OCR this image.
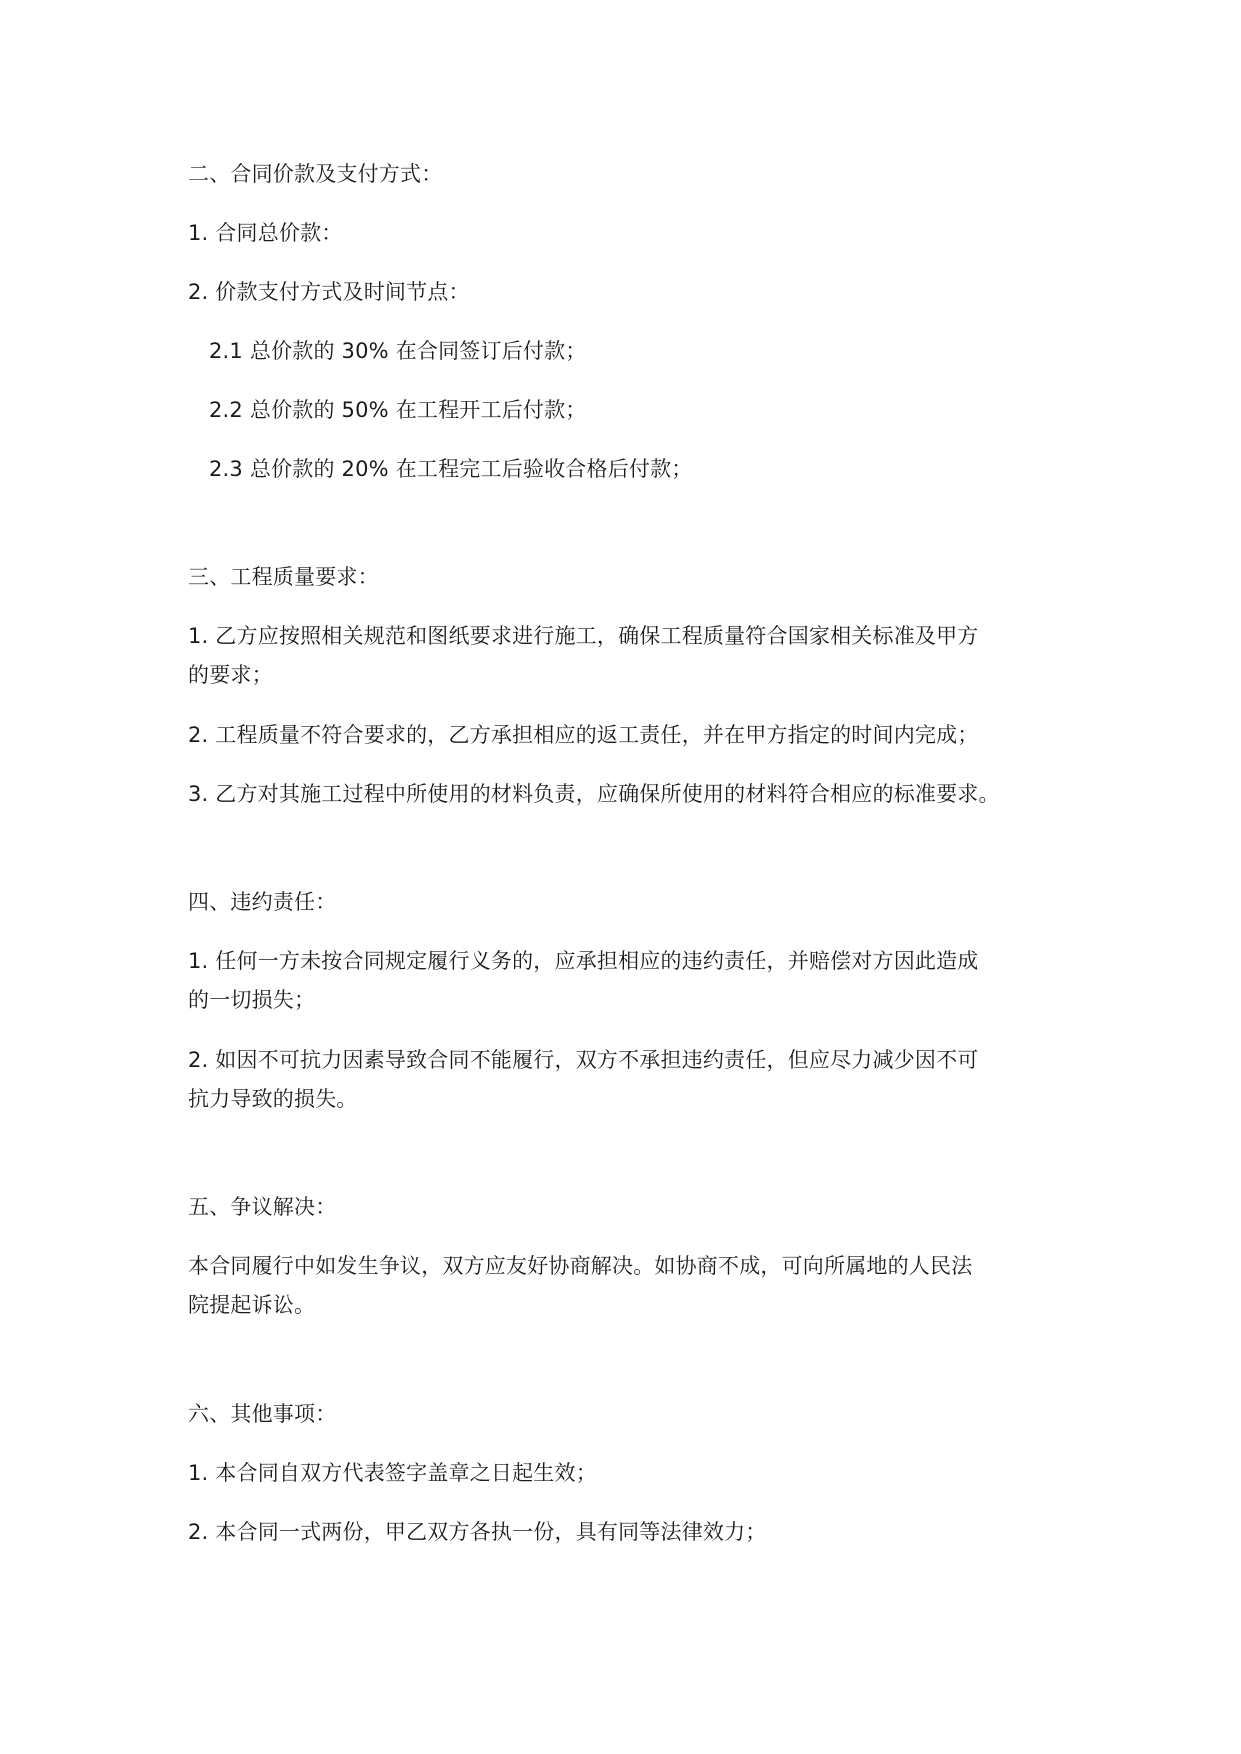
二、合同价款及支付方式：
1. 合同总价款：
2. 价款支付方式及时间节点：
2.1 总价款的 30% 在合同签订后付款；
2.2 总价款的 50% 在工程开工后付款；
2.3 总价款的 20% 在工程完工后验收合格后付款；
三、工程质量要求：
1. 乙方应按照相关规范和图纸要求进行施工，确保工程质量符合国家相关标准及甲方
的要求；
2. 工程质量不符合要求的，乙方承担相应的返工责任，并在甲方指定的时间内完成；
3. 乙方对其施工过程中所使用的材料负责，应确保所使用的材料符合相应的标准要求。
四、违约责任：
1. 任何一方未按合同规定履行义务的，应承担相应的违约责任，并赔偿对方因此造成
的一切损失；
2. 如因不可抗力因素导致合同不能履行，双方不承担违约责任，但应尽力减少因不可
抗力导致的损失。
五、争议解决：
本合同履行中如发生争议，双方应友好协商解决。如协商不成，可向所属地的人民法
院提起诉讼。
六、其他事项：
1. 本合同自双方代表签字盖章之日起生效；
2. 本合同一式两份，甲乙双方各执一份，具有同等法律效力；
